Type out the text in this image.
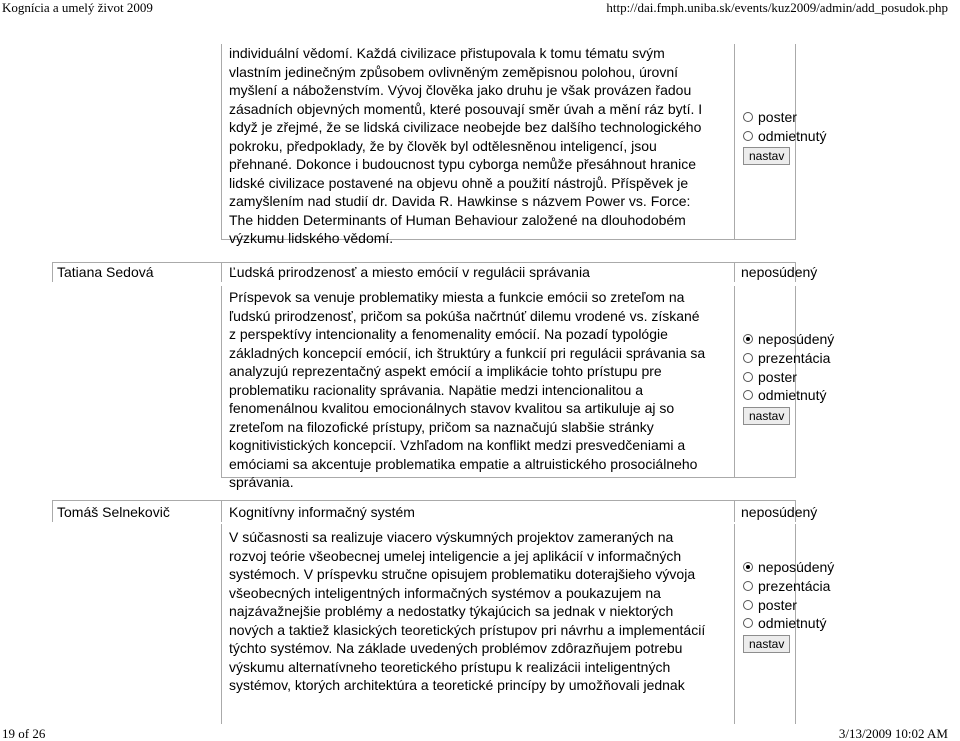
Kognícia a umelý život 2009	http://dai.fmph.uniba.sk/events/kuz2009/admin/add_posudok.php
19 of 26	3/13/2009 10:02 AM
individuální vědomí. Každá civilizace přistupovala k tomu tématu svým
vlastním jedinečným způsobem ovlivněným zeměpisnou polohou, úrovní
myšlení a náboženstvím. Vývoj člověka jako druhu je však provázen řadou
zásadních objevných momentů, které posouvají směr úvah a mění ráz bytí. I
když je zřejmé, že se lidská civilizace neobejde bez dalšího technologického
pokroku, předpoklady, že by člověk byl odtělesněnou inteligencí, jsou
přehnané. Dokonce i budoucnost typu cyborga nemůže přesáhnout hranice
lidské civilizace postavené na objevu ohně a použití nástrojů. Příspěvek je
zamyšlením nad studií dr. Davida R. Hawkinse s názvem Power vs. Force:
The hidden Determinants of Human Behaviour založené na dlouhodobém
výzkumu lidského vědomí.
poster
odmietnutý
nastav
Tatiana Sedová	Ľudská prirodzenosť a miesto emócií v regulácii správania	neposúdený
Príspevok sa venuje problematiky miesta a funkcie emócii so zreteľom na
ľudskú prirodzenosť, pričom sa pokúša načrtnúť dilemu vrodené vs. získané
z perspektívy intencionality a fenomenality emócií. Na pozadí typológie
základných koncepcií emócií, ich štruktúry a funkcií pri regulácii správania sa
analyzujú reprezentačný aspekt emócií a implikácie tohto prístupu pre
problematiku racionality správania. Napätie medzi intencionalitou a
fenomenálnou kvalitou emocionálnych stavov kvalitou sa artikuluje aj so
zreteľom na filozofické prístupy, pričom sa naznačujú slabšie stránky
kognitivistických koncepcií. Vzhľadom na konflikt medzi presvedčeniami a
emóciami sa akcentuje problematika empatie a altruistického prosociálneho
správania.
neposúdený
prezentácia
poster
odmietnutý
nastav
Tomáš Selnekovič	Kognitívny informačný systém	neposúdený
V súčasnosti sa realizuje viacero výskumných projektov zameraných na
rozvoj teórie všeobecnej umelej inteligencie a jej aplikácií v informačných
systémoch. V príspevku stručne opisujem problematiku doterajšieho vývoja
všeobecných inteligentných informačných systémov a poukazujem na
najzávažnejšie problémy a nedostatky týkajúcich sa jednak v niektorých
nových a taktiež klasických teoretických prístupov pri návrhu a implementácií
týchto systémov. Na základe uvedených problémov zdôrazňujem potrebu
výskumu alternatívneho teoretického prístupu k realizácii inteligentných
systémov, ktorých architektúra a teoretické princípy by umožňovali jednak
neposúdený
prezentácia
poster
odmietnutý
nastav
